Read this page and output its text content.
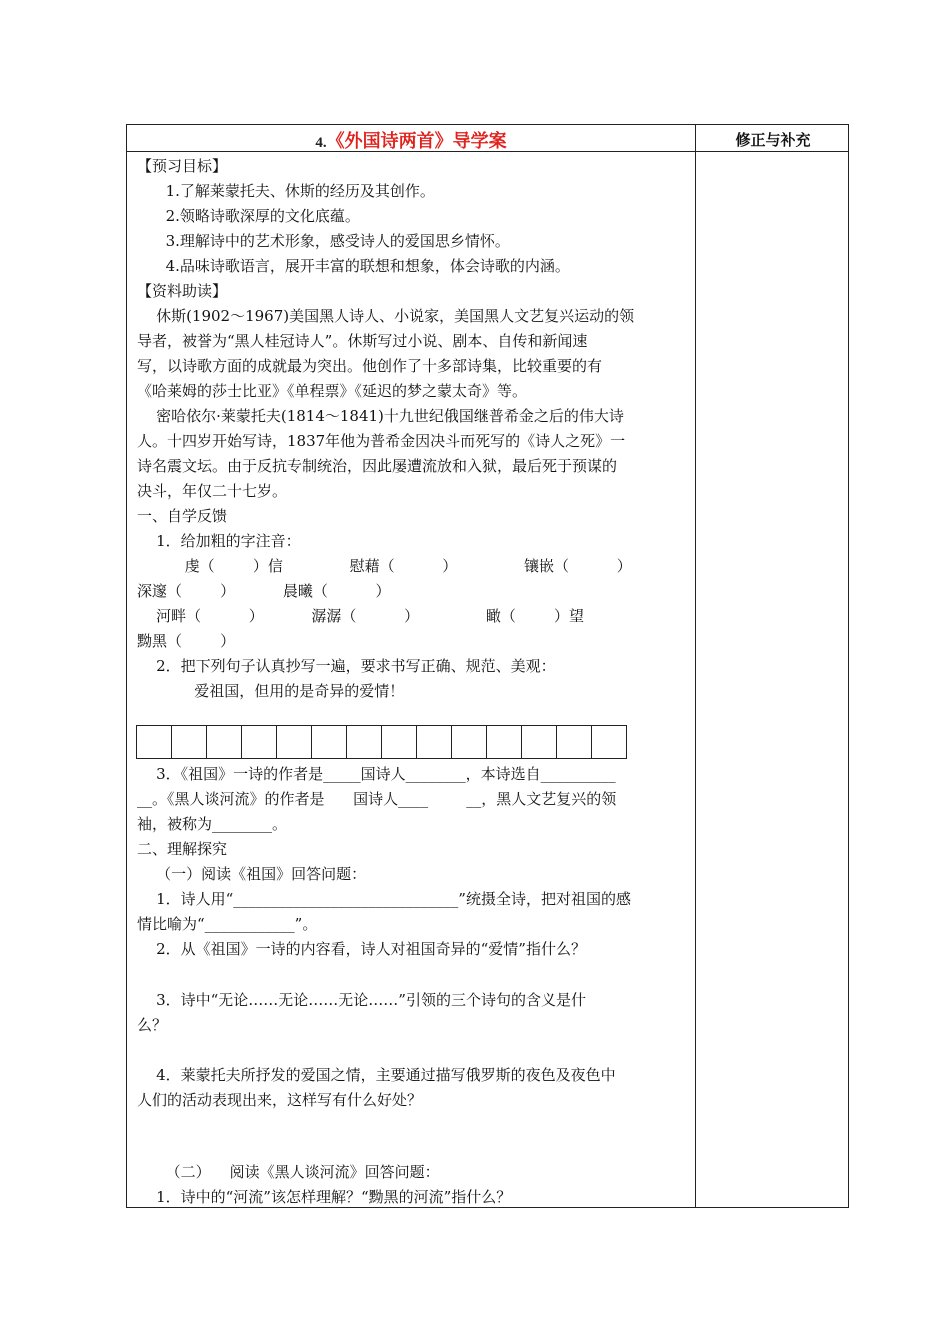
4.《外国诗两首》导学案	修正与补充
【预习目标】
1.了解莱蒙托夫、休斯的经历及其创作。
2.领略诗歌深厚的文化底蕴。
3.理解诗中的艺术形象，感受诗人的爱国思乡情怀。
4.品味诗歌语言，展开丰富的联想和想象，体会诗歌的内涵。
【资料助读】
休斯(1902～1967)美国黑人诗人、小说家，美国黑人文艺复兴运动的领
导者，被誉为“黑人桂冠诗人”。休斯写过小说、剧本、自传和新闻速
写，以诗歌方面的成就最为突出。他创作了十多部诗集，比较重要的有
《哈莱姆的莎士比亚》《单程票》《延迟的梦之蒙太奇》等。
密哈依尔·莱蒙托夫(1814～1841)十九世纪俄国继普希金之后的伟大诗
人。十四岁开始写诗，1837年他为普希金因决斗而死写的《诗人之死》一
诗名震文坛。由于反抗专制统治，因此屡遭流放和入狱，最后死于预谋的
决斗，年仅二十七岁。
一、自学反馈
1．给加粗的字注音：
虔（        ）信              慰藉（          ）              镶嵌（          ）
深邃（        ）          晨曦（          ）
河畔（          ）          潺潺（          ）              瞰（        ）望
黝黑（        ）
2．把下列句子认真抄写一遍，要求书写正确、规范、美观：
爱祖国，但用的是奇异的爱情！
3．《祖国》一诗的作者是_____国诗人________，本诗选自__________
__。《黑人谈河流》的作者是      国诗人____        __，黑人文艺复兴的领
袖，被称为________。
二、理解探究
（一）阅读《祖国》回答问题：
1．诗人用“______________________________”统摄全诗，把对祖国的感
情比喻为“____________”。
2．从《祖国》一诗的内容看，诗人对祖国奇异的“爱情”指什么？
3．诗中“无论……无论……无论……”引领的三个诗句的含义是什
么？
4．莱蒙托夫所抒发的爱国之情，主要通过描写俄罗斯的夜色及夜色中
人们的活动表现出来，这样写有什么好处？
（二）    阅读《黑人谈河流》回答问题：
1．诗中的“河流”该怎样理解？“黝黑的河流”指什么？
